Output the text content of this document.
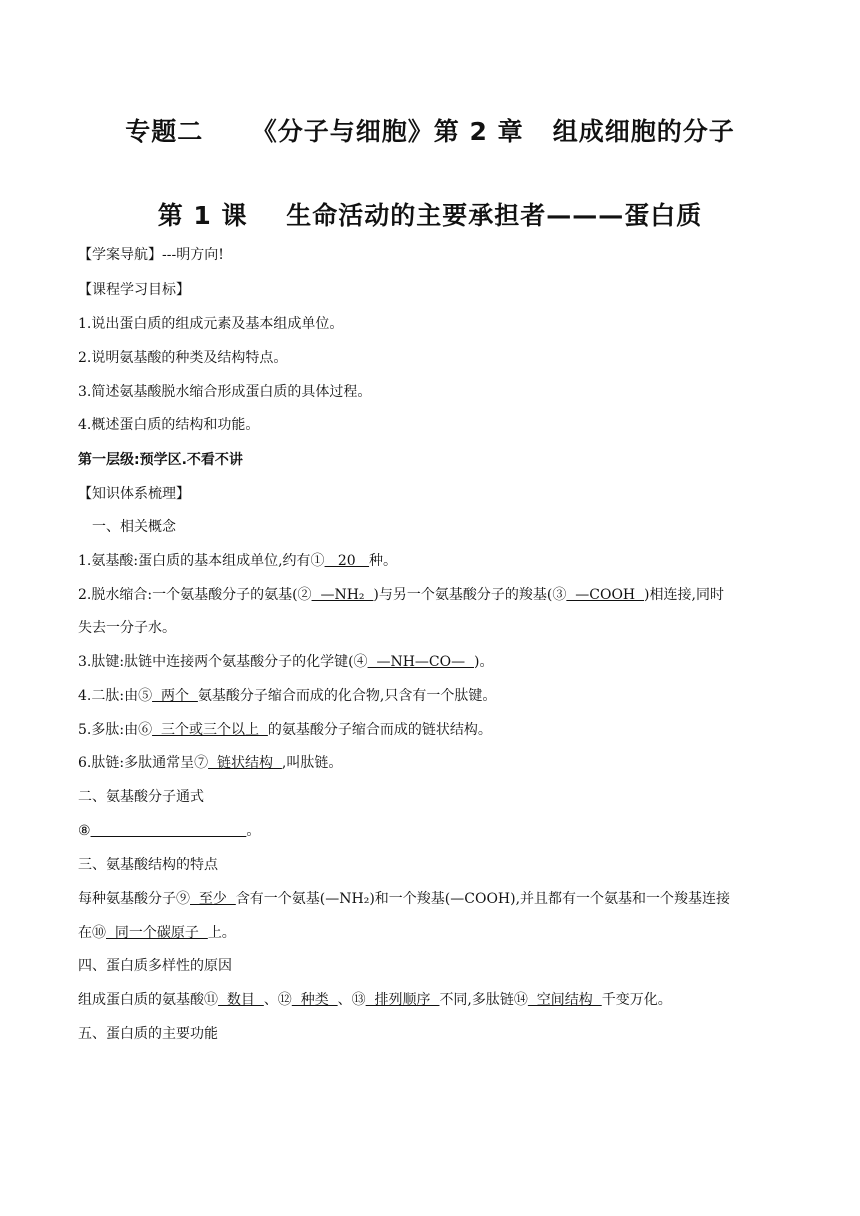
专题二     《分子与细胞》第 2 章   组成细胞的分子
第 1 课    生命活动的主要承担者———蛋白质
【学案导航】---明方向!
【课程学习目标】
1.说出蛋白质的组成元素及基本组成单位。
2.说明氨基酸的种类及结构特点。
3.简述氨基酸脱水缩合形成蛋白质的具体过程。
4.概述蛋白质的结构和功能。
第一层级:预学区.不看不讲
【知识体系梳理】
一、相关概念
1.氨基酸:蛋白质的基本组成单位,约有①   20   种。
2.脱水缩合:一个氨基酸分子的氨基(②  —NH₂  )与另一个氨基酸分子的羧基(③  —COOH  )相连接,同时
失去一分子水。
3.肽键:肽链中连接两个氨基酸分子的化学键(④  —NH—CO—  )。
4.二肽:由⑤  两个  氨基酸分子缩合而成的化合物,只含有一个肽键。
5.多肽:由⑥  三个或三个以上  的氨基酸分子缩合而成的链状结构。
6.肽链:多肽通常呈⑦  链状结构  ,叫肽链。
二、氨基酸分子通式
⑧	。
三、氨基酸结构的特点
每种氨基酸分子⑨  至少  含有一个氨基(—NH₂)和一个羧基(—COOH),并且都有一个氨基和一个羧基连接
在⑩  同一个碳原子  上。
四、蛋白质多样性的原因
组成蛋白质的氨基酸⑪  数目  、⑫  种类  、⑬  排列顺序  不同,多肽链⑭  空间结构  千变万化。
五、蛋白质的主要功能
